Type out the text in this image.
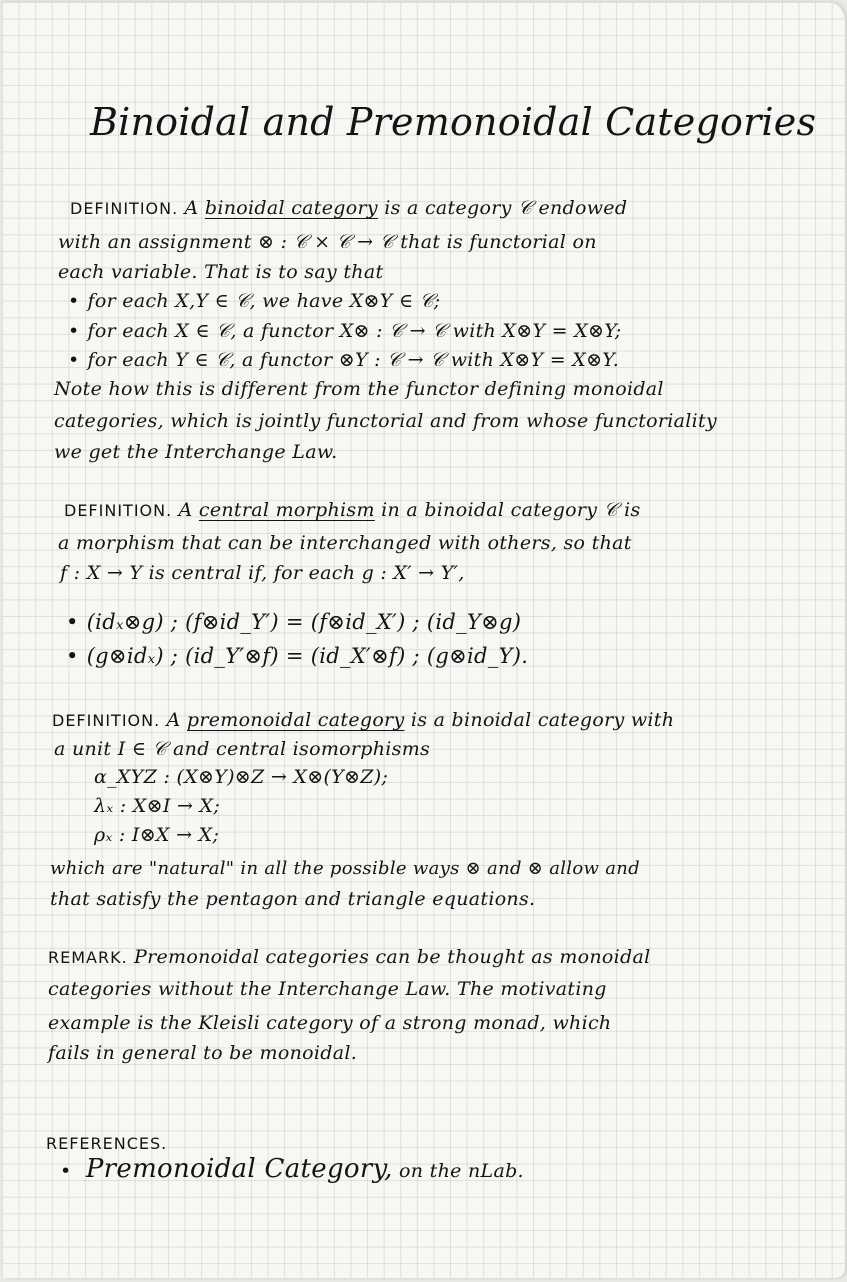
Binoidal and Premonoidal Categories
DEFINITION. A binoidal category is a category 𝒞 endowed
with an assignment ⊗ : 𝒞 × 𝒞 → 𝒞 that is functorial on
each variable. That is to say that
• for each X,Y ∈ 𝒞, we have X⊗Y ∈ 𝒞;
• for each X ∈ 𝒞, a functor X⊗ : 𝒞 → 𝒞 with X⊗Y = X⊗Y;
• for each Y ∈ 𝒞, a functor ⊗Y : 𝒞 → 𝒞 with X⊗Y = X⊗Y.
Note how this is different from the functor defining monoidal
categories, which is jointly functorial and from whose functoriality
we get the Interchange Law.
DEFINITION. A central morphism in a binoidal category 𝒞 is
a morphism that can be interchanged with others, so that
f : X → Y is central if, for each g : X′ → Y′,
• (idₓ⊗g) ; (f⊗id_Y′) = (f⊗id_X′) ; (id_Y⊗g)
• (g⊗idₓ) ; (id_Y′⊗f) = (id_X′⊗f) ; (g⊗id_Y).
DEFINITION. A premonoidal category is a binoidal category with
a unit I ∈ 𝒞 and central isomorphisms
α_XYZ : (X⊗Y)⊗Z → X⊗(Y⊗Z);
λₓ : X⊗I → X;
ρₓ : I⊗X → X;
which are "natural" in all the possible ways ⊗ and ⊗ allow and
that satisfy the pentagon and triangle equations.
REMARK. Premonoidal categories can be thought as monoidal
categories without the Interchange Law. The motivating
example is the Kleisli category of a strong monad, which
fails in general to be monoidal.
REFERENCES.
• Premonoidal Category, on the nLab.
